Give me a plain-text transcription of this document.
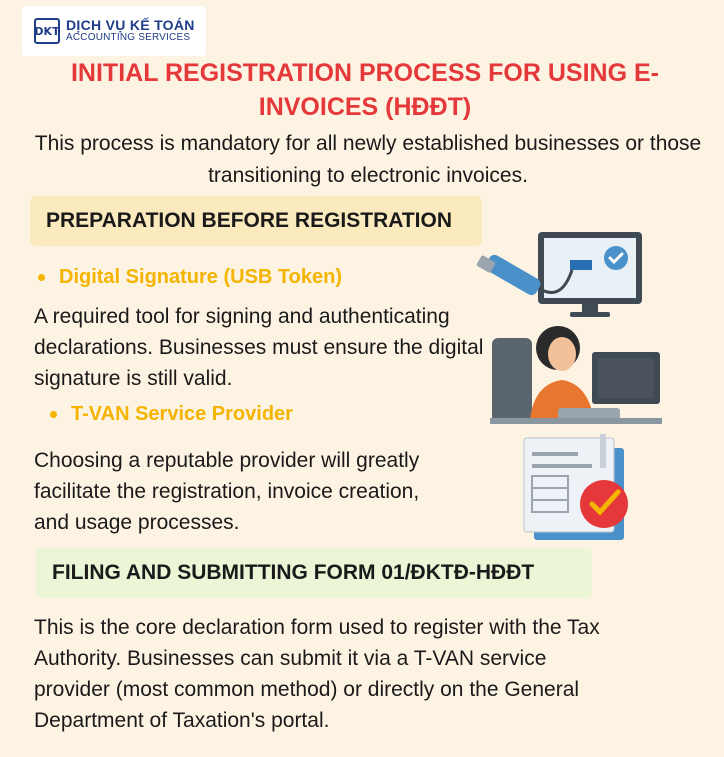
DKT DỊCH VỤ KẾ TOÁN
ACCOUNTING SERVICES
INITIAL REGISTRATION PROCESS FOR USING E-INVOICES (HĐĐT)

This process is mandatory for all newly established businesses or those transitioning to electronic invoices.

PREPARATION BEFORE REGISTRATION
Digital Signature (USB Token)

A required tool for signing and authenticating declarations. Businesses must ensure the digital signature is still valid.

T-VAN Service Provider

Choosing a reputable provider will greatly facilitate the registration, invoice creation, and usage processes.

FILING AND SUBMITTING FORM 01/ĐKTĐ-HĐĐT

This is the core declaration form used to register with the Tax Authority. Businesses can submit it via a T-VAN service provider (most common method) or directly on the General Department of Taxation's portal.
